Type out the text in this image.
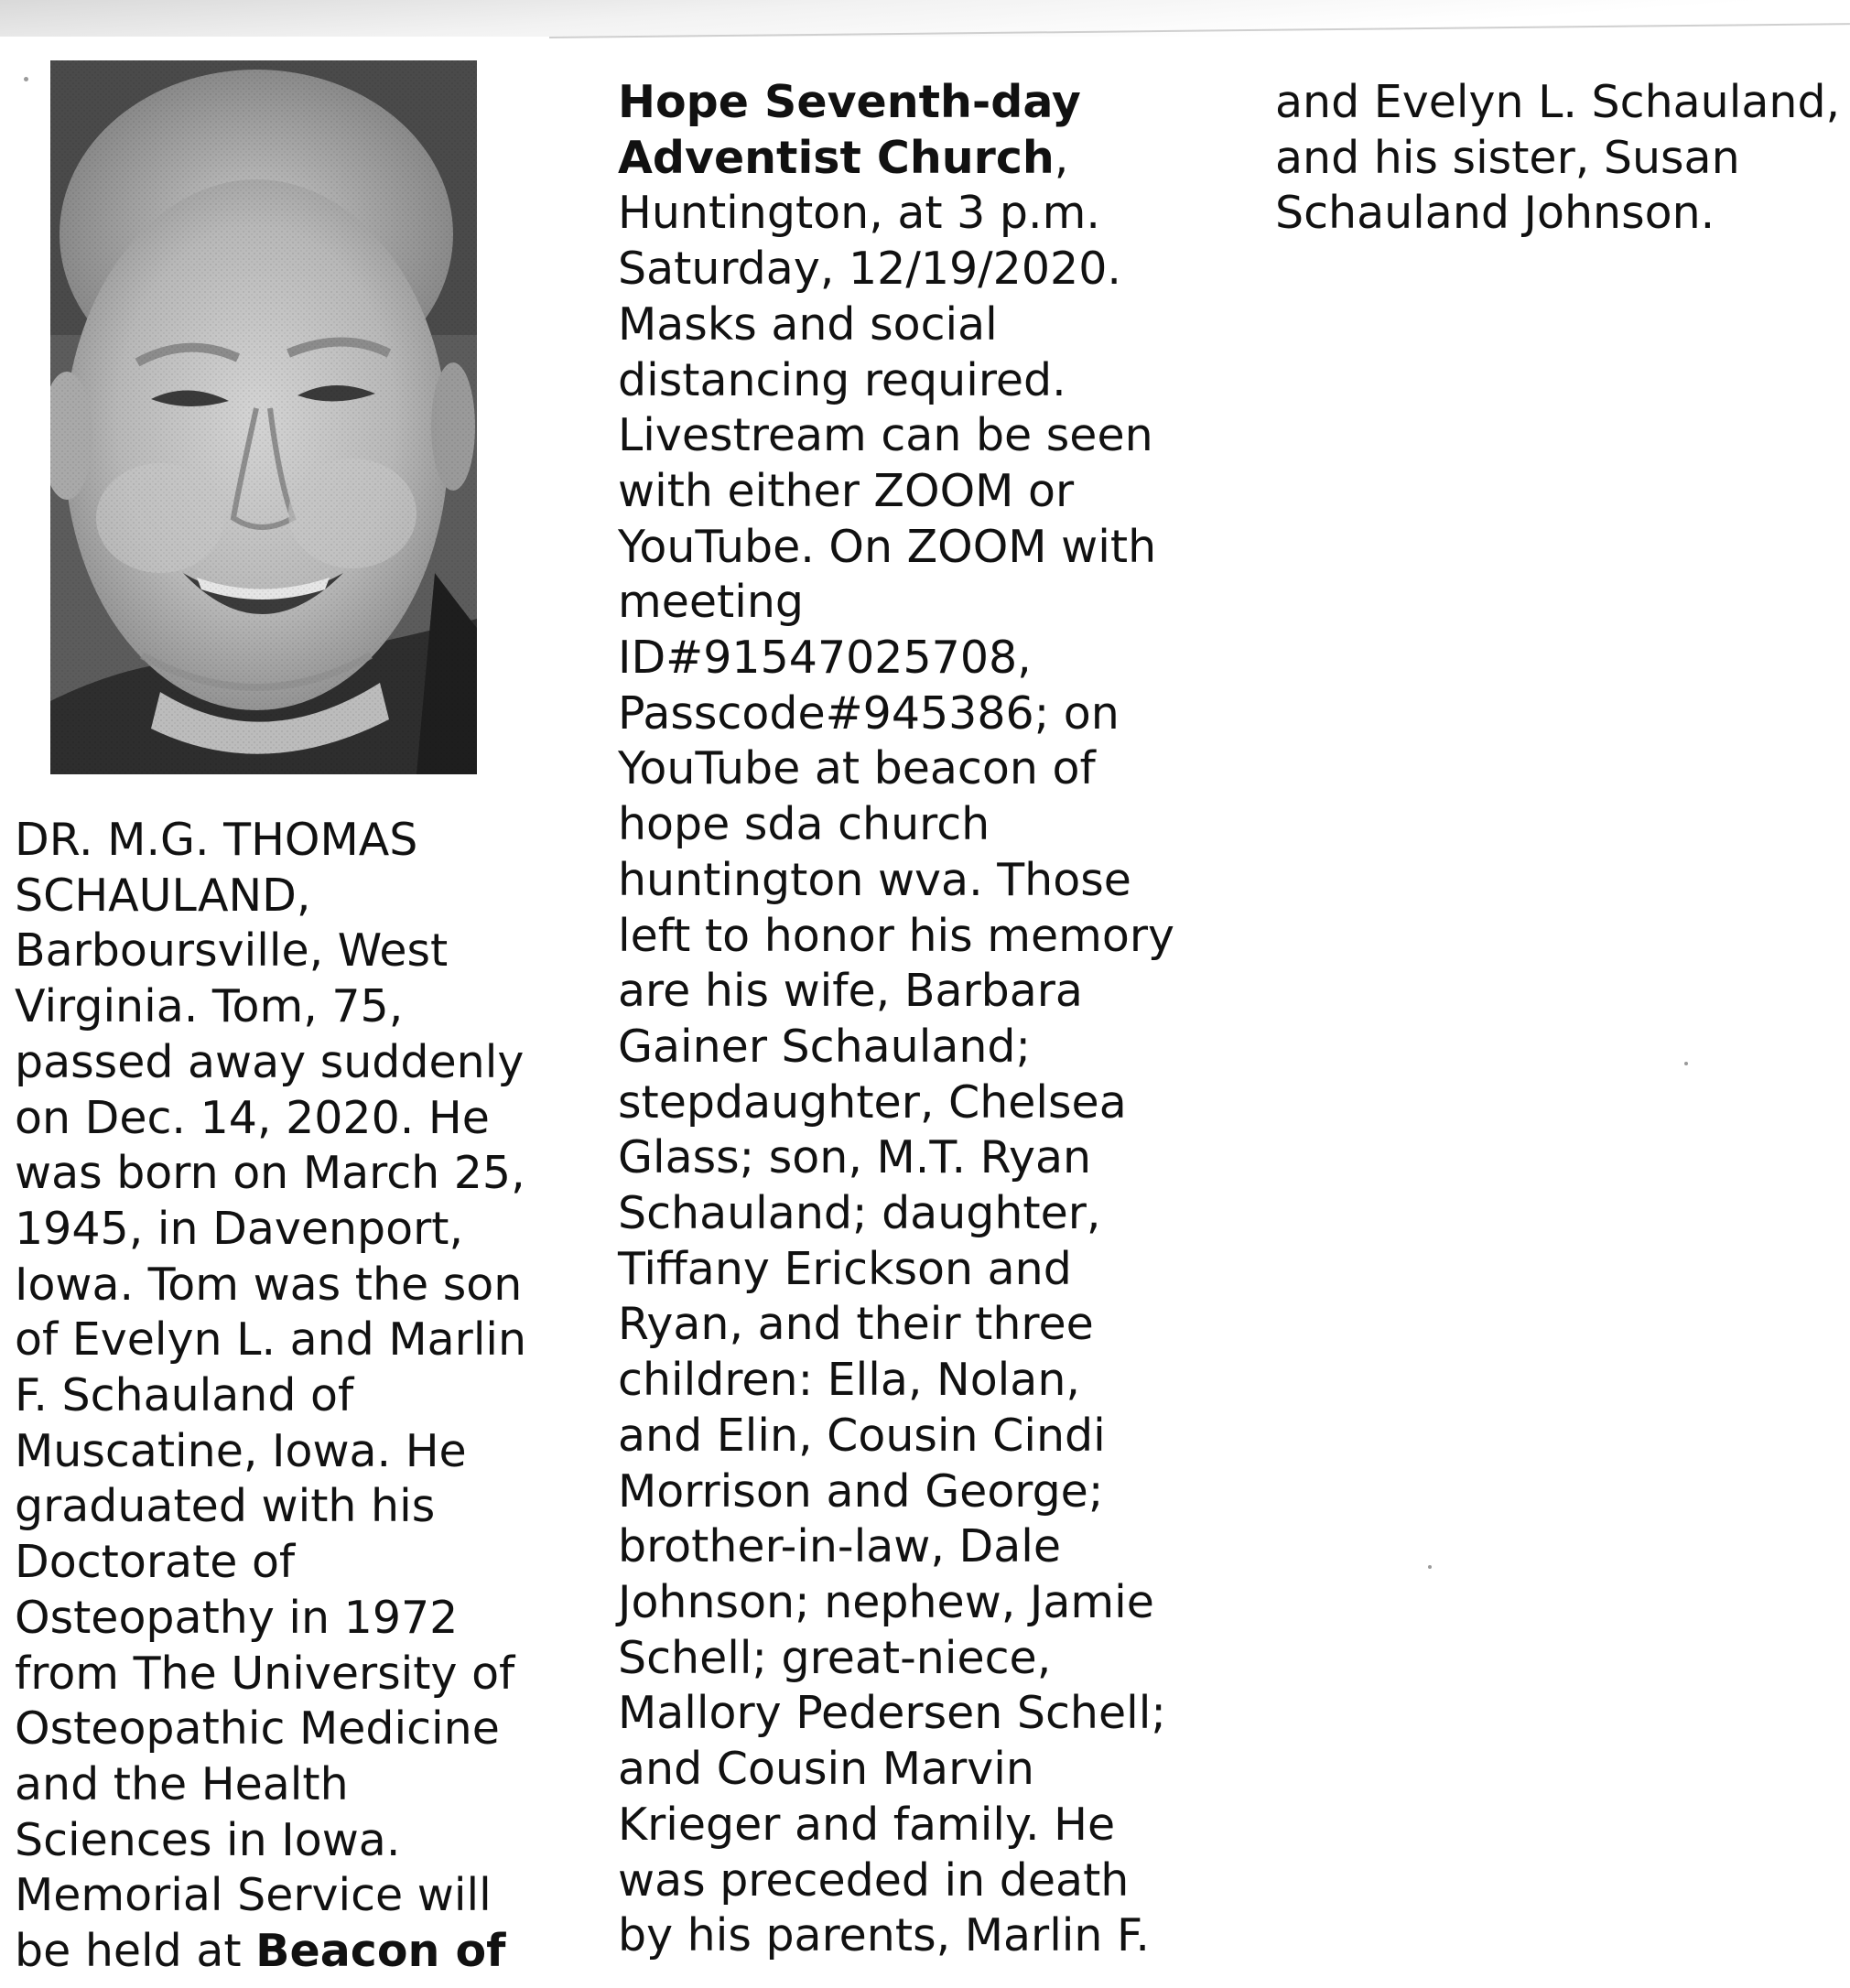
DR. M.G. THOMAS
SCHAULAND,
Barboursville, West
Virginia. Tom, 75,
passed away suddenly
on Dec. 14, 2020. He
was born on March 25,
1945, in Davenport,
Iowa. Tom was the son
of Evelyn L. and Marlin
F. Schauland of
Muscatine, Iowa. He
graduated with his
Doctorate of
Osteopathy in 1972
from The University of
Osteopathic Medicine
and the Health
Sciences in Iowa.
Memorial Service will
be held at Beacon of
Hope Seventh-day
Adventist Church,
Huntington, at 3 p.m.
Saturday, 12/19/2020.
Masks and social
distancing required.
Livestream can be seen
with either ZOOM or
YouTube. On ZOOM with
meeting
ID#91547025708,
Passcode#945386; on
YouTube at beacon of
hope sda church
huntington wva. Those
left to honor his memory
are his wife, Barbara
Gainer Schauland;
stepdaughter, Chelsea
Glass; son, M.T. Ryan
Schauland; daughter,
Tiffany Erickson and
Ryan, and their three
children: Ella, Nolan,
and Elin, Cousin Cindi
Morrison and George;
brother-in-law, Dale
Johnson; nephew, Jamie
Schell; great-niece,
Mallory Pedersen Schell;
and Cousin Marvin
Krieger and family. He
was preceded in death
by his parents, Marlin F.
and Evelyn L. Schauland,
and his sister, Susan
Schauland Johnson.
